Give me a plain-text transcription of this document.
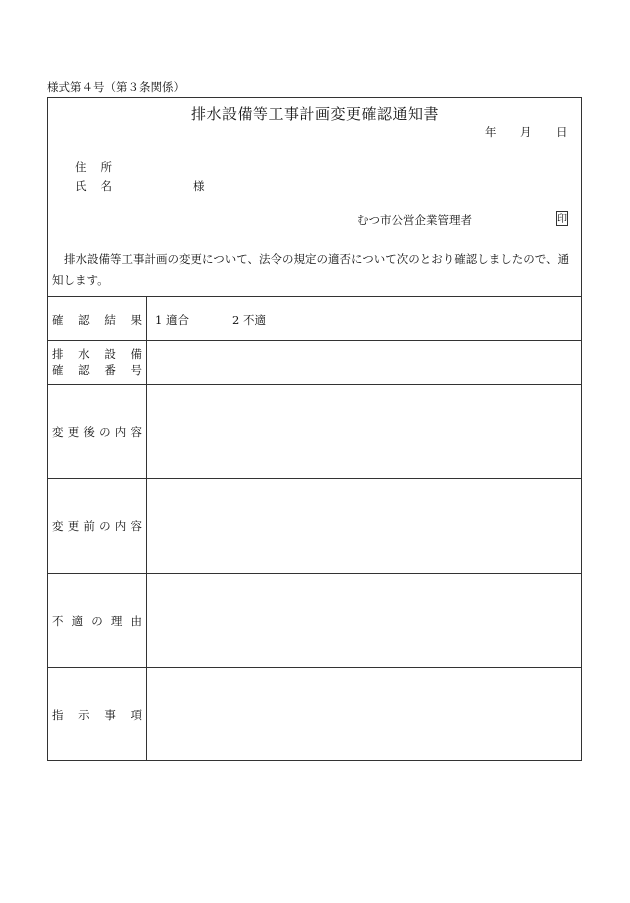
様式第４号（第３条関係）
排水設備等工事計画変更確認通知書
年 月 日
住所
氏名	様
むつ市公営企業管理者	印
排水設備等工事計画の変更について、法令の規定の適否について次のとおり確認しましたので、通知します。
確 認 結 果 1 適合	2 不適
排 水 設 備
確 認 番 号
変 更 後 の 内 容
変 更 前 の 内 容
不 適 の 理 由
指 示 事 項
